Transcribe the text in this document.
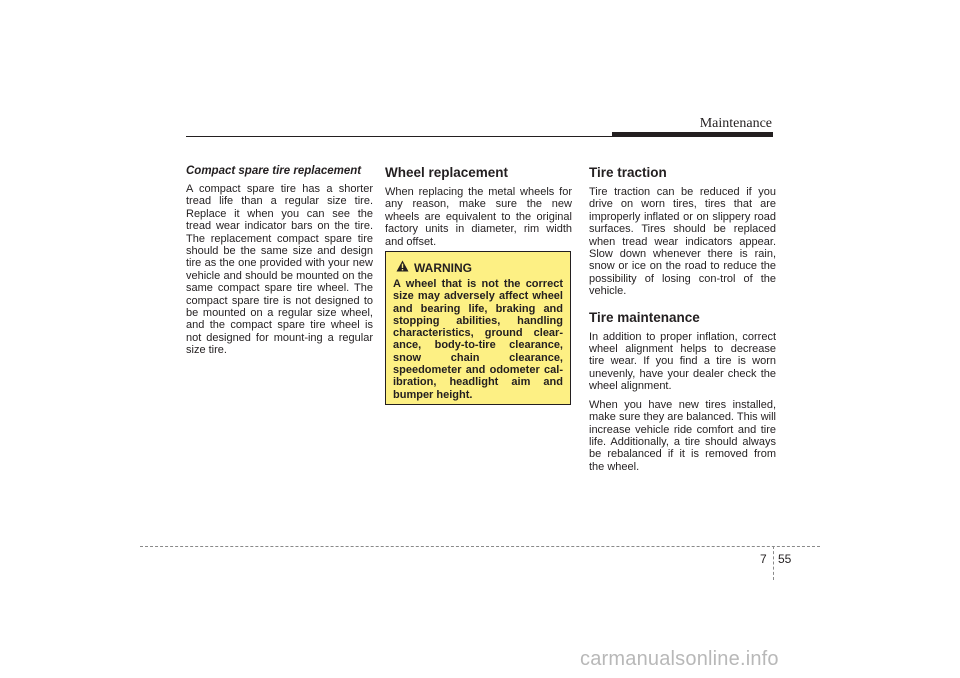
Maintenance
Compact spare tire replacement

A compact spare tire has a shorter tread life than a regular size tire. Replace it when you can see the tread wear indicator bars on the tire. The replacement compact spare tire should be the same size and design tire as the one provided with your new vehicle and should be mounted on the same compact spare tire wheel. The compact spare tire is not designed to be mounted on a regular size wheel, and the compact spare tire wheel is not designed for mount-ing a regular size tire.

Wheel replacement

When replacing the metal wheels for any reason, make sure the new wheels are equivalent to the original factory units in diameter, rim width and offset.

WARNING

A wheel that is not the correct size may adversely affect wheel and bearing life, braking and stopping abilities, handling characteristics, ground clear-ance, body-to-tire clearance, snow chain clearance, speedometer and odometer cal-ibration, headlight aim and bumper height.

Tire traction

Tire traction can be reduced if you drive on worn tires, tires that are improperly inflated or on slippery road surfaces. Tires should be replaced when tread wear indicators appear. Slow down whenever there is rain, snow or ice on the road to reduce the possibility of losing con-trol of the vehicle.

Tire maintenance

In addition to proper inflation, correct wheel alignment helps to decrease tire wear. If you find a tire is worn unevenly, have your dealer check the wheel alignment.

When you have new tires installed, make sure they are balanced. This will increase vehicle ride comfort and tire life. Additionally, a tire should always be rebalanced if it is removed from the wheel.

7 55
carmanualsonline.info
